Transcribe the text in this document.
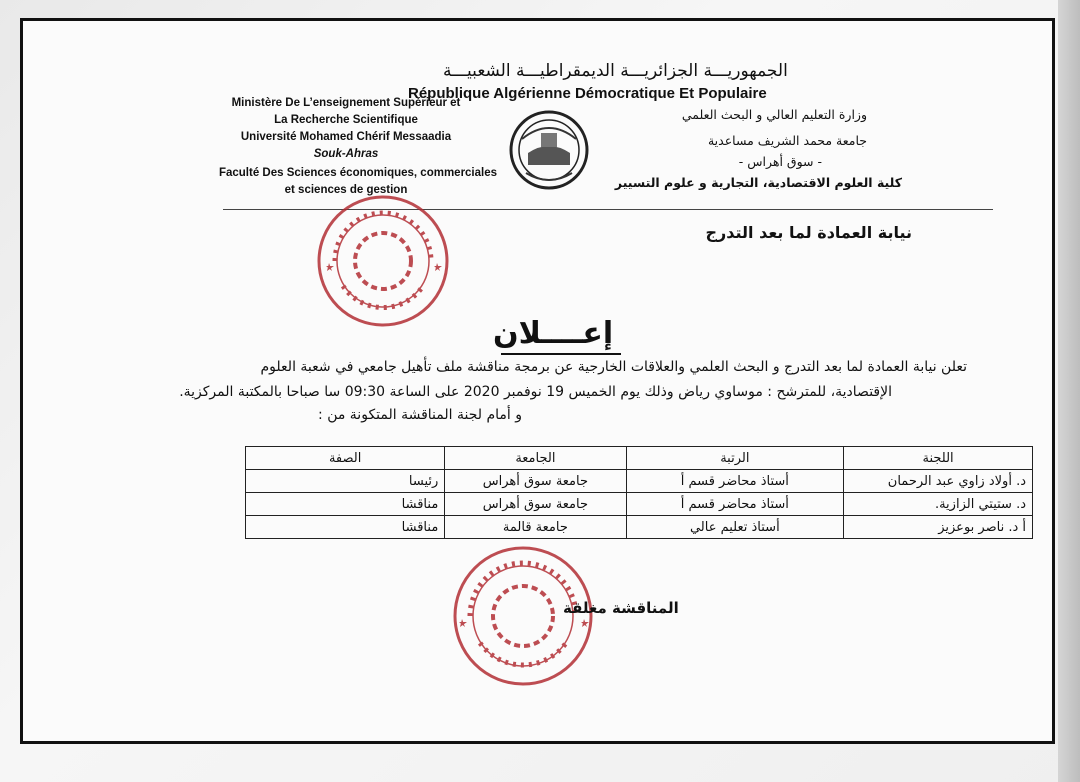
الجمهوريـــة الجزائريـــة الديمقراطيـــة الشعبيـــة
République Algérienne Démocratique Et Populaire
Ministère De L’enseignement Supérieur et
La Recherche Scientifique
Université Mohamed Chérif Messaadia
Souk-Ahras
Faculté Des Sciences économiques, commerciales
et sciences de gestion
وزارة التعليم العالي و البحث العلمي
جامعة محمد الشريف مساعدية
- سوق أهراس -
كلية العلوم الاقتصادية، التجارية و علوم التسيير
نيابة العمادة لما بعد التدرج
إعــــلان
تعلن نيابة العمادة لما بعد التدرج و البحث العلمي والعلاقات الخارجية عن برمجة مناقشة ملف تأهيل جامعي في شعبة العلوم
الإقتصادية، للمترشح : موساوي رياض وذلك يوم الخميس 19 نوفمبر 2020 على الساعة 09:30 سا صباحا بالمكتبة المركزية.
و أمام لجنة المناقشة المتكونة من :
اللجنة	الرتبة	الجامعة	الصفة
د. أولاد زاوي عبد الرحمان	أستاذ محاضر قسم أ	جامعة سوق أهراس	رئيسا
د. ستيتي الزازية.	أستاذ محاضر قسم أ	جامعة سوق أهراس	مناقشا
أ د. ناصر بوعزيز	أستاذ تعليم عالي	جامعة قالمة	مناقشا
المناقشة مغلقة
